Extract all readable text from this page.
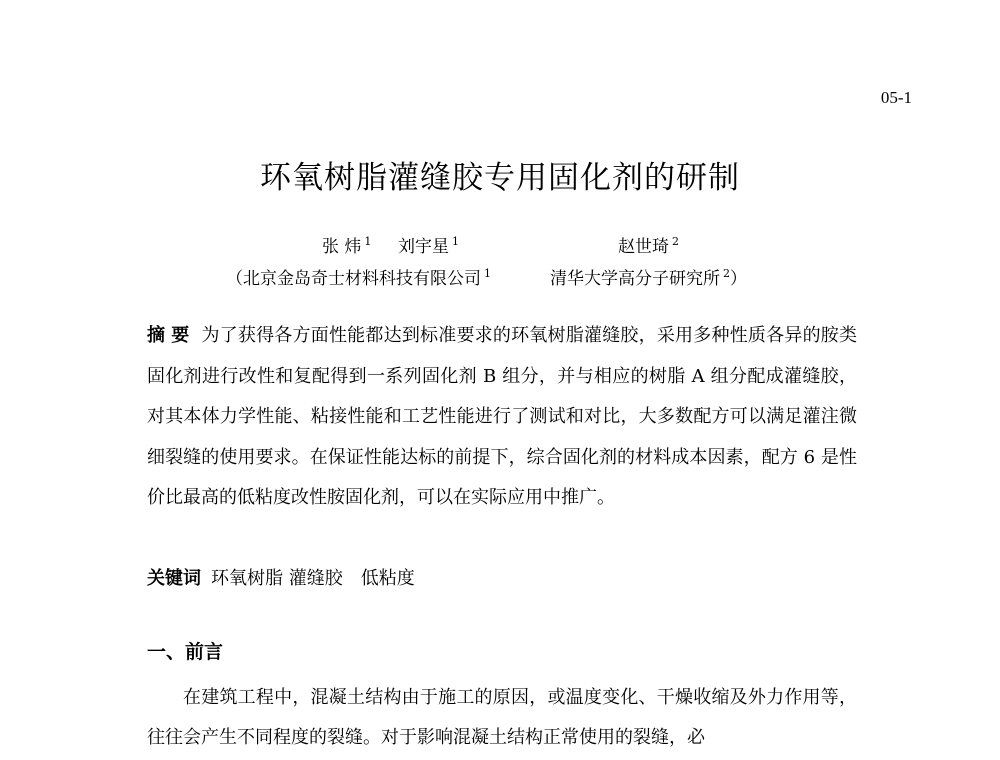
05-1
环氧树脂灌缝胶专用固化剂的研制
张 炜 $^1$ 刘宇星 $^1$	赵世琦 $^2$
（北京金岛奇士材料科技有限公司 $^1$	清华大学高分子研究所 $^2$）
摘要 为了获得各方面性能都达到标准要求的环氧树脂灌缝胶，采用多种性质各异的胺类固化剂进行改性和复配得到一系列固化剂 B 组分，并与相应的树脂 A 组分配成灌缝胶，对其本体力学性能、粘接性能和工艺性能进行了测试和对比，大多数配方可以满足灌注微细裂缝的使用要求。在保证性能达标的前提下，综合固化剂的材料成本因素，配方 6 是性价比最高的低粘度改性胺固化剂，可以在实际应用中推广。
关键词 环氧树脂 灌缝胶　低粘度
一、前言
在建筑工程中，混凝土结构由于施工的原因，或温度变化、干燥收缩及外力作用等，往往会产生不同程度的裂缝。对于影响混凝土结构正常使用的裂缝，必
